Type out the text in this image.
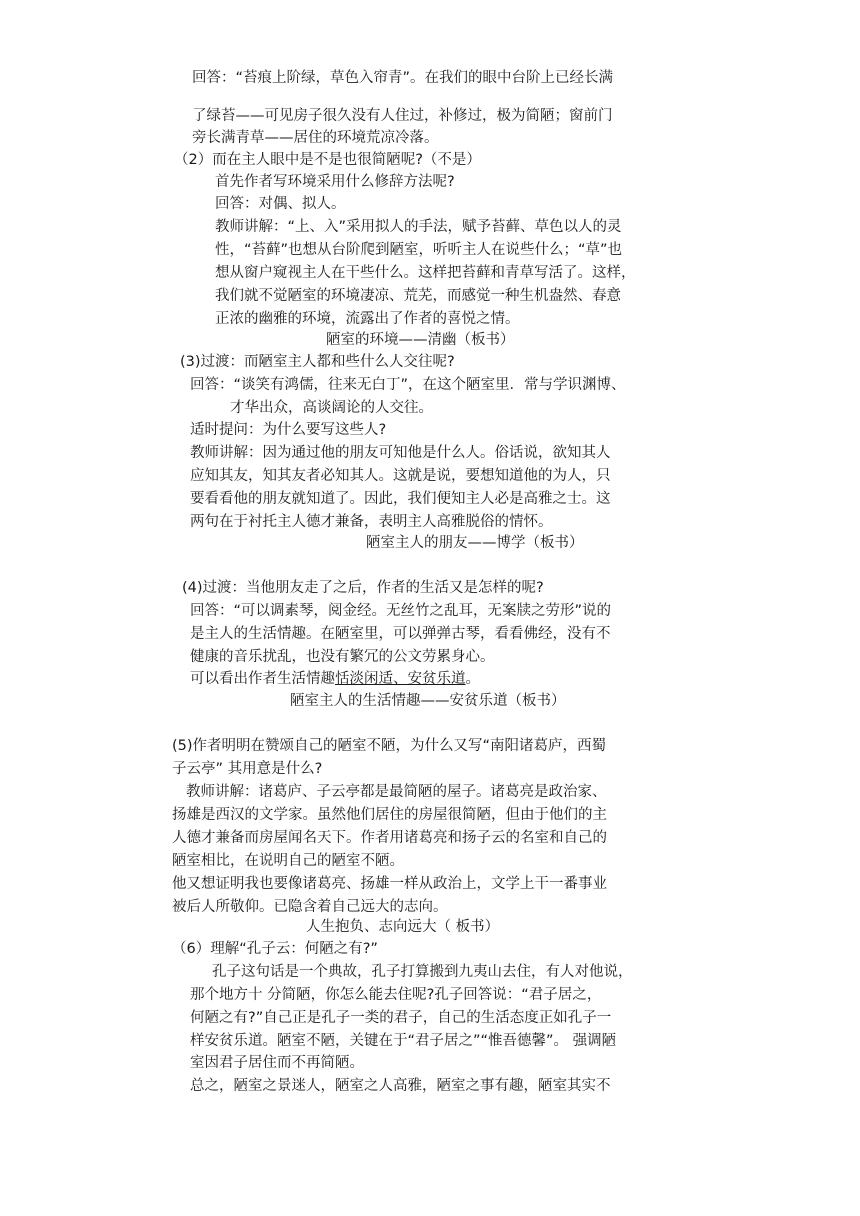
回答：“苔痕上阶绿，草色入帘青”。在我们的眼中台阶上已经长满

了绿苔——可见房子很久没有人住过，补修过，极为简陋；窗前门

旁长满青草——居住的环境荒凉冷落。

（2）而在主人眼中是不是也很简陋呢?（不是）

首先作者写环境采用什么修辞方法呢?

回答：对偶、拟人。

教师讲解：“上、入”采用拟人的手法，赋予苔藓、草色以人的灵

性，“苔藓”也想从台阶爬到陋室，听听主人在说些什么；“草”也

想从窗户窥视主人在干些什么。这样把苔藓和青草写活了。这样，

我们就不觉陋室的环境凄凉、荒芜，而感觉一种生机盎然、春意

正浓的幽雅的环境，流露出了作者的喜悦之情。

陋室的环境——清幽（板书）

(3)过渡：而陋室主人都和些什么人交往呢?

回答：“谈笑有鸿儒，往来无白丁”，在这个陋室里．常与学识渊博、

才华出众，高谈阔论的人交往。

适时提问：为什么要写这些人?

教师讲解：因为通过他的朋友可知他是什么人。俗话说，欲知其人

应知其友，知其友者必知其人。这就是说，要想知道他的为人，只

要看看他的朋友就知道了。因此，我们便知主人必是高雅之士。这

两句在于衬托主人德才兼备，表明主人高雅脱俗的情怀。

陋室主人的朋友——博学（板书）

(4)过渡：当他朋友走了之后，作者的生活又是怎样的呢?

回答：“可以调素琴，阅金经。无丝竹之乱耳，无案牍之劳形”说的

是主人的生活情趣。在陋室里，可以弹弹古琴，看看佛经，没有不

健康的音乐扰乱，也没有繁冗的公文劳累身心。

可以看出作者生活情趣恬淡闲适、安贫乐道。

陋室主人的生活情趣——安贫乐道（板书）

(5)作者明明在赞颂自己的陋室不陋，为什么又写“南阳诸葛庐，西蜀

子云亭” 其用意是什么?

教师讲解：诸葛庐、子云亭都是最简陋的屋子。诸葛亮是政治家、

扬雄是西汉的文学家。虽然他们居住的房屋很简陋，但由于他们的主

人德才兼备而房屋闻名天下。作者用诸葛亮和扬子云的名室和自己的

陋室相比，在说明自己的陋室不陋。

他又想证明我也要像诸葛亮、扬雄一样从政治上，文学上干一番事业

被后人所敬仰。已隐含着自己远大的志向。

人生抱负、志向远大（ 板书）

（6）理解“孔子云：何陋之有?”

孔子这句话是一个典故，孔子打算搬到九夷山去住，有人对他说，

那个地方十 分简陋，你怎么能去住呢?孔子回答说：“君子居之，

何陋之有?”自己正是孔子一类的君子，自己的生活态度正如孔子一

样安贫乐道。陋室不陋，关键在于“君子居之”“惟吾德馨”。 强调陋

室因君子居住而不再简陋。

总之，陋室之景迷人，陋室之人高雅，陋室之事有趣，陋室其实不
